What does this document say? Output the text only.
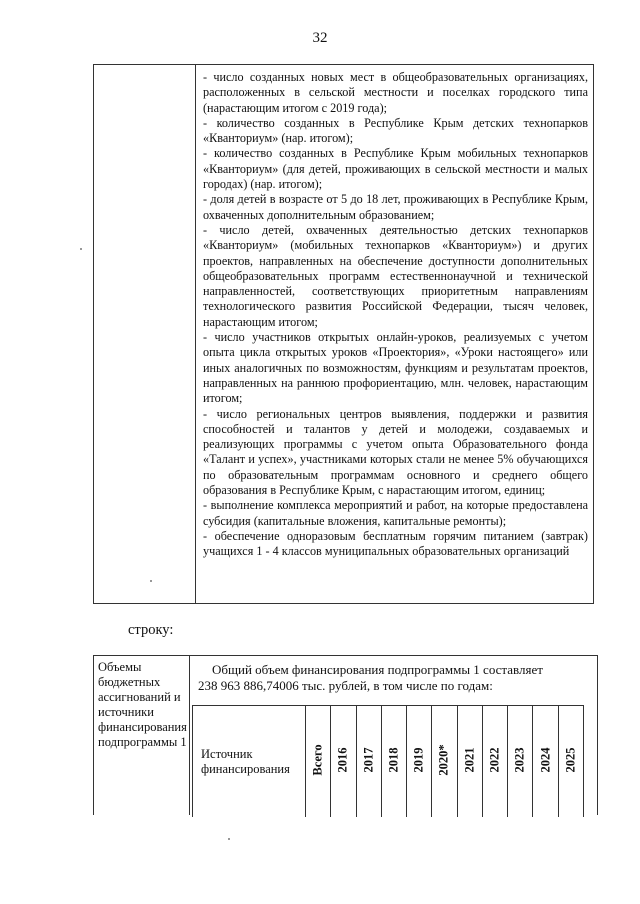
32

- число созданных новых мест в общеобразовательных организациях, расположенных в сельской местности и поселках городского типа (нарастающим итогом с 2019 года);

- количество созданных в Республике Крым детских технопарков «Кванториум» (нар. итогом);

- количество созданных в Республике Крым мобильных технопарков «Кванториум» (для детей, проживающих в сельской местности и малых городах) (нар. итогом);

- доля детей в возрасте от 5 до 18 лет, проживающих в Республике Крым, охваченных дополнительным образованием;

- число детей, охваченных деятельностью детских технопарков «Кванториум» (мобильных технопарков «Кванториум») и других проектов, направленных на обеспечение доступности дополнительных общеобразовательных программ естественнонаучной и технической направленностей, соответствующих приоритетным направлениям технологического развития Российской Федерации, тысяч человек, нарастающим итогом;

- число участников открытых онлайн-уроков, реализуемых с учетом опыта цикла открытых уроков «Проектория», «Уроки настоящего» или иных аналогичных по возможностям, функциям и результатам проектов, направленных на раннюю профориентацию, млн. человек, нарастающим итогом;

- число региональных центров выявления, поддержки и развития способностей и талантов у детей и молодежи, создаваемых и реализующих программы с учетом опыта Образовательного фонда «Талант и успех», участниками которых стали не менее 5% обучающихся по образовательным программам основного и среднего общего образования в Республике Крым, с нарастающим итогом, единиц;

- выполнение комплекса мероприятий и работ, на которые предоставлена субсидия (капитальные вложения, капитальные ремонты);

- обеспечение одноразовым бесплатным горячим питанием (завтрак) учащихся 1 - 4 классов муниципальных образовательных организаций

строку:
Объемы бюджетных ассигнований и источники финансирования подпрограммы 1
Общий объем финансирования подпрограммы 1 составляет
238 963 886,74006 тыс. рублей, в том числе по годам:
Источник финансирования	Всего 2016 2017 2018 2019 2020* 2021 2022 2023 2024 2025
